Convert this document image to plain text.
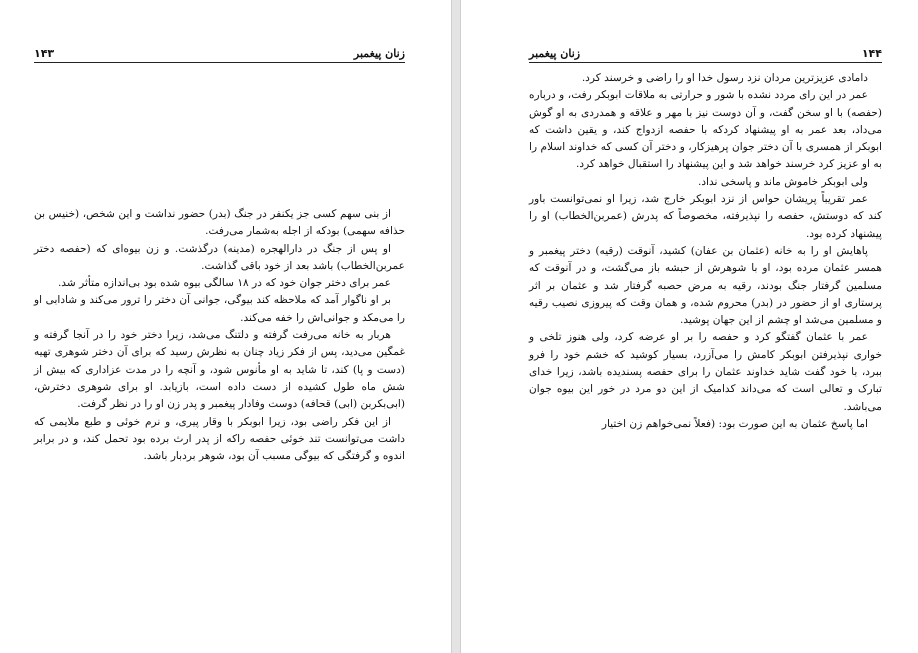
۱۴۳	زنان پیغمبر

از بنی سهم کسی جز یکنفر در جنگ (بدر) حضور نداشت و این شخص، (خنیس بن حذافه سهمی) بودکه از اجله به‌شمار می‌رفت.

او پس از جنگ در دارالهجره (مدینه) درگذشت. و زن بیوه‌ای که (حفصه دختر عمربن‌الخطاب) باشد بعد از خود باقی گذاشت.

عمر برای دختر جوان خود که در ۱۸ سالگی بیوه شده بود بی‌اندازه متأثر شد.

بر او ناگوار آمد که ملاحظه کند بیوگی، جوانی آن دختر را ترور می‌کند و شادابی او را می‌مکد و جوانی‌اش را خفه می‌کند.

هربار به خانه می‌رفت گرفته و دلتنگ می‌شد، زیرا دختر خود را در آنجا گرفته و غمگین می‌دید، پس از فکر زیاد چنان به نظرش رسید که برای آن دختر شوهری تهیه (دست و پا) کند، تا شاید به او مأنوس شود، و آنچه را در مدت عزاداری که بیش از شش ماه طول کشیده از دست داده است، بازیابد. او برای شوهری دخترش، (ابی‌بکربن (ابی) قحافه) دوست وفادار پیغمبر و پدر زن او را در نظر گرفت.

از این فکر راضی بود، زیرا ابوبکر با وقار پیری، و نرم خوئی و طبع ملایمی که داشت می‌توانست تند خوئی حفصه راکه از پدر ارث برده بود تحمل کند، و در برابر اندوه و گرفتگی که بیوگی مسبب آن بود، شوهر بردبار باشد.

زنان پیغمبر	۱۴۴

دامادی عزیزترین مردان نزد رسول خدا او را راضی و خرسند کرد.

عمر در این رای مردد نشده با شور و حرارتی به ملاقات ابوبکر رفت، و درباره (حفصه) با او سخن گفت، و آن دوست نیز با مهر و علاقه و همدردی به او گوش می‌داد، بعد عمر به او پیشنهاد کردکه با حفصه ازدواج کند، و یقین داشت که ابوبکر از همسری با آن دختر جوان پرهیزکار، و دختر آن کسی که خداوند اسلام را به او عزیز کرد خرسند خواهد شد و این پیشنهاد را استقبال خواهد کرد.

ولی ابوبکر خاموش ماند و پاسخی نداد.

عمر تقریباً پریشان حواس از نزد ابوبکر خارج شد، زیرا او نمی‌توانست باور کند که دوستش، حفصه را نپذیرفته، مخصوصاً که پدرش (عمربن‌الخطاب) او را پیشنهاد کرده بود.

پاهایش او را به خانه (عثمان بن عفان) کشید، آنوقت (رقیه) دختر پیغمبر و همسر عثمان مرده بود، او با شوهرش از حبشه باز می‌گشت، و در آنوقت که مسلمین گرفتار جنگ بودند، رقیه به مرض حصبه گرفتار شد و عثمان بر اثر پرستاری او از حضور در (بدر) محروم شده، و همان وقت که پیروزی نصیب رقیه و مسلمین می‌شد او چشم از این جهان پوشید.

عمر با عثمان گفتگو کرد و حفصه را بر او عرضه کرد، ولی هنوز تلخی و خواری نپذیرفتن ابوبکر کامش را می‌آزرد، بسیار کوشید که خشم خود را فرو ببرد، با خود گفت شاید خداوند عثمان را برای حفصه پسندیده باشد، زیرا خدای تبارک و تعالی است که می‌داند کدامیک از این دو مرد در خور این بیوه جوان می‌باشد.

اما پاسخ عثمان به این صورت بود: (فعلاً نمی‌خواهم زن اختیار
